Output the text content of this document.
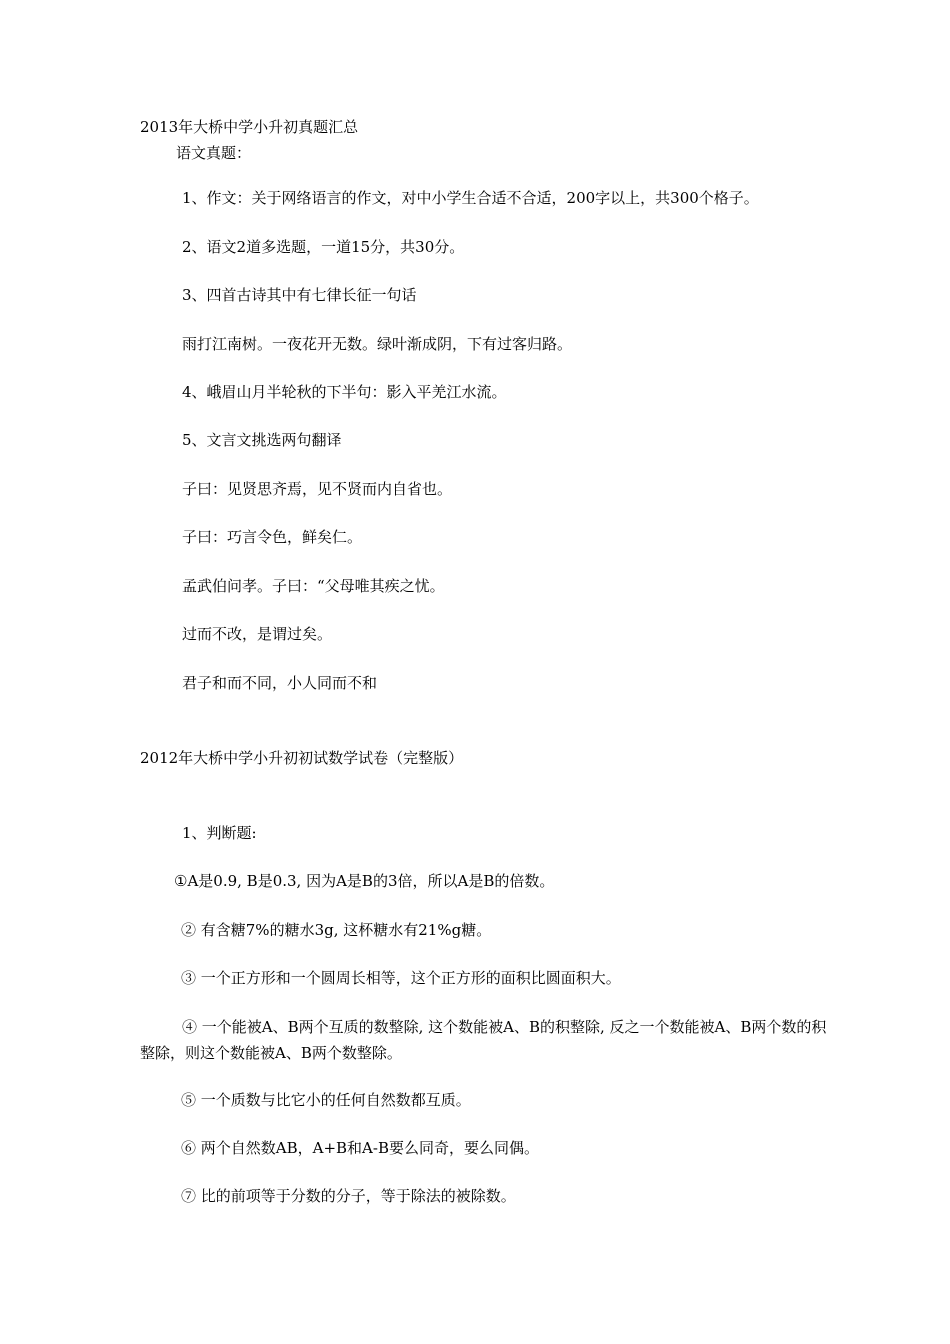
2013年大桥中学小升初真题汇总
语文真题：
1、作文：关于网络语言的作文，对中小学生合适不合适，200字以上，共300个格子。
2、语文2道多选题，一道15分，共30分。
3、四首古诗其中有七律长征一句话
雨打江南树。一夜花开无数。绿叶渐成阴，下有过客归路。
4、峨眉山月半轮秋的下半句：影入平羌江水流。
5、文言文挑选两句翻译
子曰：见贤思齐焉，见不贤而内自省也。
子曰：巧言令色，鲜矣仁。
孟武伯问孝。子曰：“父母唯其疾之忧。
过而不改，是谓过矣。
君子和而不同，小人同而不和
2012年大桥中学小升初初试数学试卷（完整版）
1、判断题:
①A是0.9, B是0.3, 因为A是B的3倍，所以A是B的倍数。
② 有含糖7%的糖水3g, 这杯糖水有21%g糖。
③ 一个正方形和一个圆周长相等，这个正方形的面积比圆面积大。
④ 一个能被A、B两个互质的数整除, 这个数能被A、B的积整除, 反之一个数能被A、B两个数的积整除，则这个数能被A、B两个数整除。
⑤ 一个质数与比它小的任何自然数都互质。
⑥ 两个自然数AB，A+B和A-B要么同奇，要么同偶。
⑦ 比的前项等于分数的分子，等于除法的被除数。
